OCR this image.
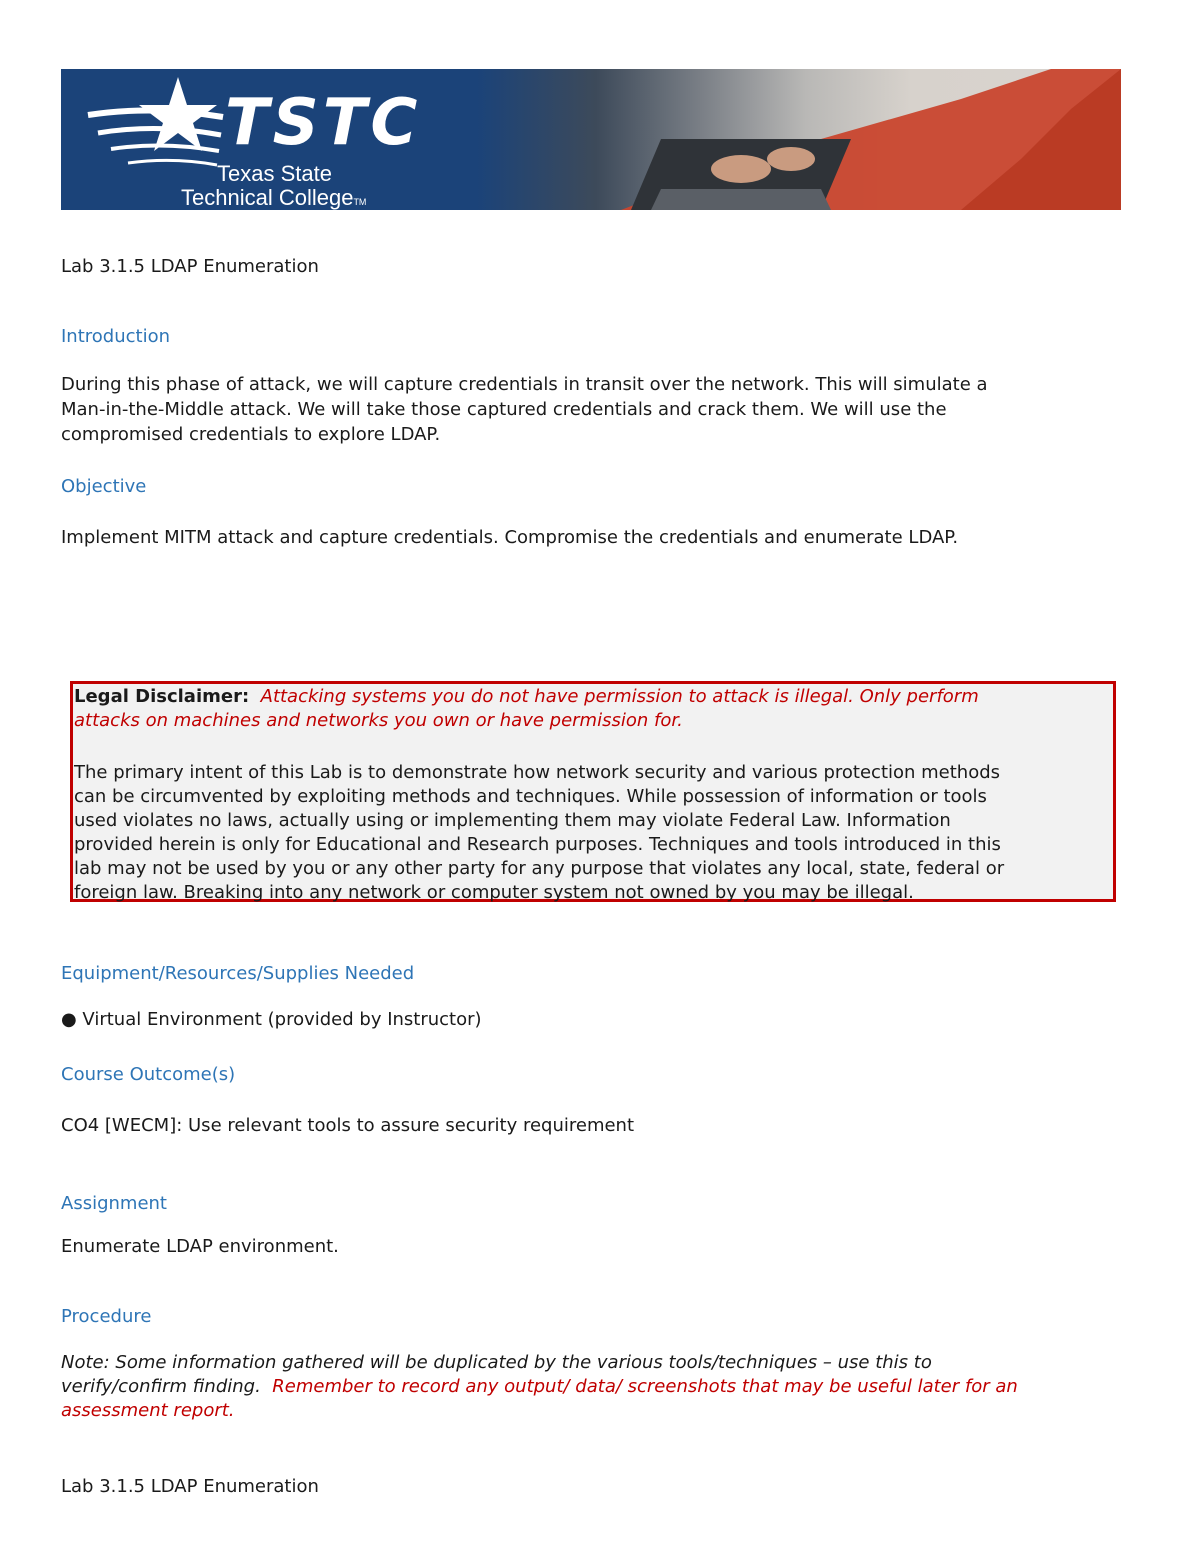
TSTC
Texas State
Technical CollegeTM
Lab 3.1.5 LDAP Enumeration
Introduction
During this phase of attack, we will capture credentials in transit over the network. This will simulate a
Man-in-the-Middle attack. We will take those captured credentials and crack them. We will use the
compromised credentials to explore LDAP.
Objective
Implement MITM attack and capture credentials. Compromise the credentials and enumerate LDAP.
Legal Disclaimer: Attacking systems you do not have permission to attack is illegal. Only perform
attacks on machines and networks you own or have permission for.
The primary intent of this Lab is to demonstrate how network security and various protection methods
can be circumvented by exploiting methods and techniques. While possession of information or tools
used violates no laws, actually using or implementing them may violate Federal Law. Information
provided herein is only for Educational and Research purposes. Techniques and tools introduced in this
lab may not be used by you or any other party for any purpose that violates any local, state, federal or
foreign law. Breaking into any network or computer system not owned by you may be illegal.
Equipment/Resources/Supplies Needed
● Virtual Environment (provided by Instructor)
Course Outcome(s)
CO4 [WECM]: Use relevant tools to assure security requirement
Assignment
Enumerate LDAP environment.
Procedure
Note: Some information gathered will be duplicated by the various tools/techniques – use this to
verify/confirm finding. Remember to record any output/ data/ screenshots that may be useful later for an
assessment report.
Lab 3.1.5 LDAP Enumeration
